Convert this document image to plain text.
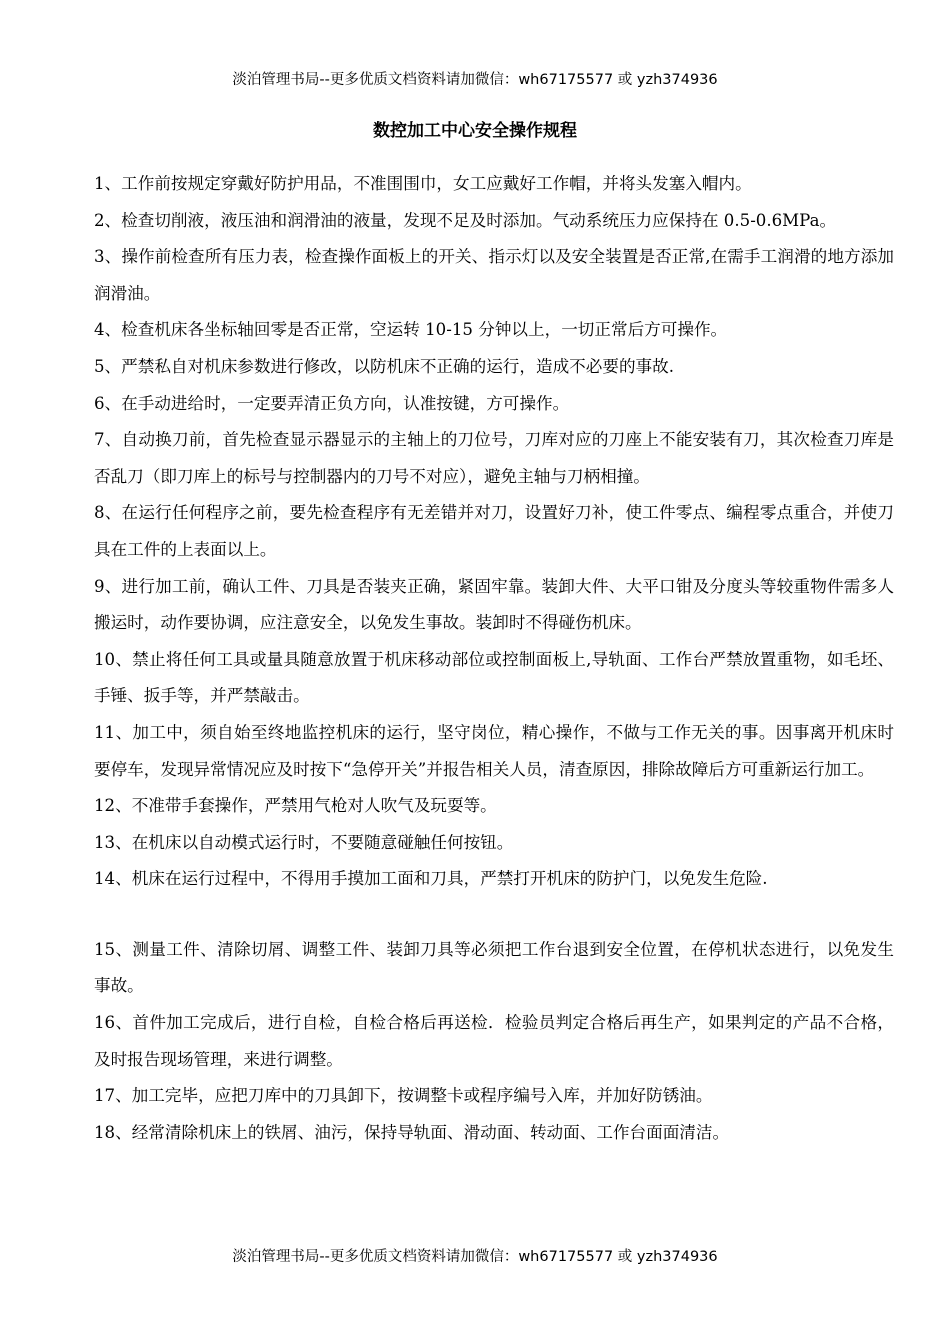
淡泊管理书局--更多优质文档资料请加微信：wh67175577 或 yzh374936
数控加工中心安全操作规程
1、工作前按规定穿戴好防护用品，不准围围巾，女工应戴好工作帽，并将头发塞入帽内。
2、检查切削液，液压油和润滑油的液量，发现不足及时添加。气动系统压力应保持在 0.5-0.6MPa。
3、操作前检查所有压力表，检查操作面板上的开关、指示灯以及安全装置是否正常,在需手工润滑的地方添加润滑油。
4、检查机床各坐标轴回零是否正常，空运转 10-15 分钟以上，一切正常后方可操作。
5、严禁私自对机床参数进行修改，以防机床不正确的运行，造成不必要的事故.
6、在手动进给时，一定要弄清正负方向，认准按键，方可操作。
7、自动换刀前，首先检查显示器显示的主轴上的刀位号，刀库对应的刀座上不能安装有刀，其次检查刀库是否乱刀（即刀库上的标号与控制器内的刀号不对应），避免主轴与刀柄相撞。
8、在运行任何程序之前，要先检查程序有无差错并对刀，设置好刀补，使工件零点、编程零点重合，并使刀具在工件的上表面以上。
9、进行加工前，确认工件、刀具是否装夹正确，紧固牢靠。装卸大件、大平口钳及分度头等较重物件需多人搬运时，动作要协调，应注意安全，以免发生事故。装卸时不得碰伤机床。
10、禁止将任何工具或量具随意放置于机床移动部位或控制面板上,导轨面、工作台严禁放置重物，如毛坯、手锤、扳手等，并严禁敲击。
11、加工中，须自始至终地监控机床的运行，坚守岗位，精心操作，不做与工作无关的事。因事离开机床时要停车，发现异常情况应及时按下“急停开关”并报告相关人员，清查原因，排除故障后方可重新运行加工。
12、不准带手套操作，严禁用气枪对人吹气及玩耍等。
13、在机床以自动模式运行时，不要随意碰触任何按钮。
14、机床在运行过程中，不得用手摸加工面和刀具，严禁打开机床的防护门，以免发生危险.
15、测量工件、清除切屑、调整工件、装卸刀具等必须把工作台退到安全位置，在停机状态进行，以免发生事故。
16、首件加工完成后，进行自检，自检合格后再送检．检验员判定合格后再生产，如果判定的产品不合格，及时报告现场管理，来进行调整。
17、加工完毕，应把刀库中的刀具卸下，按调整卡或程序编号入库，并加好防锈油。
18、经常清除机床上的铁屑、油污，保持导轨面、滑动面、转动面、工作台面面清洁。
淡泊管理书局--更多优质文档资料请加微信：wh67175577 或 yzh374936
